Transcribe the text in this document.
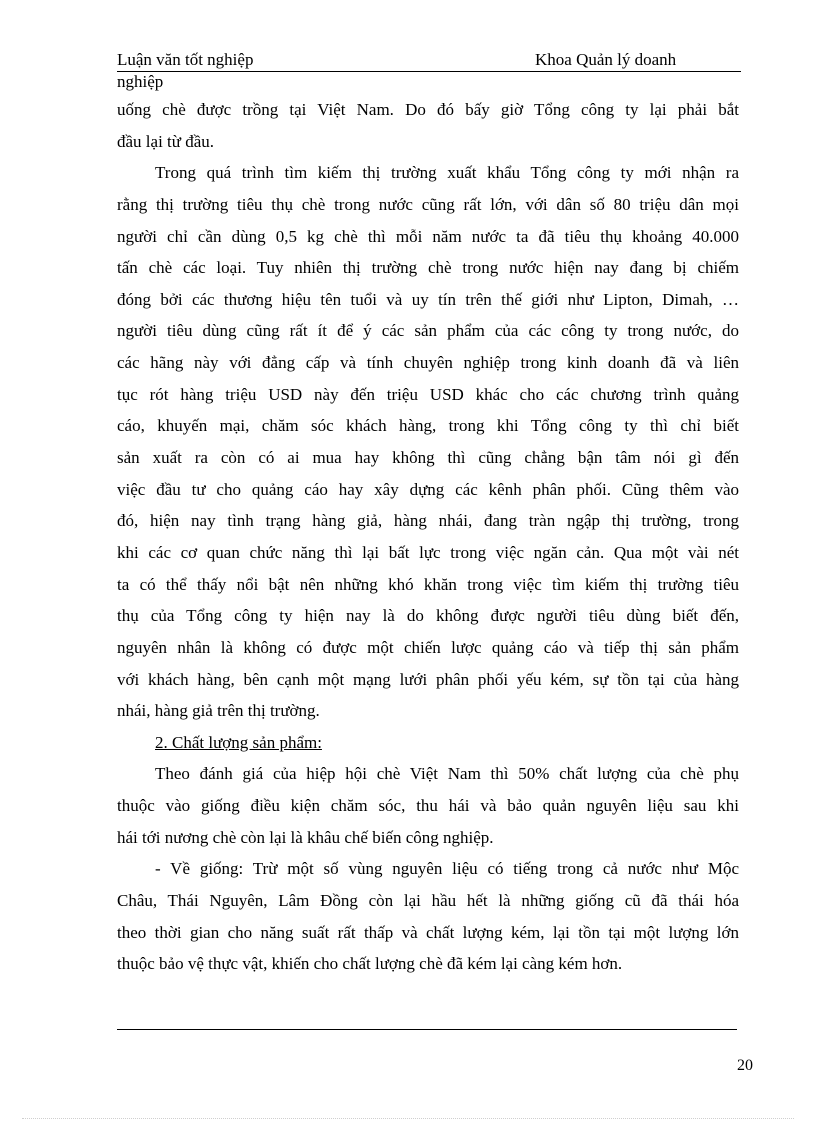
Luận văn tốt nghiệp	Khoa Quản lý doanh
nghiệp
uống chè được trồng tại Việt Nam. Do đó bấy giờ Tổng công ty lại phải bắt
đầu lại từ đầu.
Trong quá trình tìm kiếm thị trường xuất khẩu Tổng công ty mới nhận ra
rằng thị trường tiêu thụ chè trong nước cũng rất lớn, với dân số 80 triệu dân mọi
người chỉ cần dùng 0,5 kg chè thì mỗi năm nước ta đã tiêu thụ khoảng 40.000
tấn chè các loại. Tuy nhiên thị trường chè trong nước hiện nay đang bị chiếm
đóng bởi các thương hiệu tên tuổi và uy tín trên thế giới như Lipton, Dimah, …
người tiêu dùng cũng rất ít để ý các sản phẩm của các công ty trong nước, do
các hãng này với đẳng cấp và tính chuyên nghiệp trong kinh doanh đã và liên
tục rót hàng triệu USD này đến triệu USD khác cho các chương trình quảng
cáo, khuyến mại, chăm sóc khách hàng, trong khi Tổng công ty thì chỉ biết
sản xuất ra còn có ai mua hay không thì cũng chẳng bận tâm nói gì đến
việc đầu tư cho quảng cáo hay xây dựng các kênh phân phối. Cũng thêm vào
đó, hiện nay tình trạng hàng giả, hàng nhái, đang tràn ngập thị trường, trong
khi các cơ quan chức năng thì lại bất lực trong việc ngăn cản. Qua một vài nét
ta có thể thấy nổi bật nên những khó khăn trong việc tìm kiếm thị trường tiêu
thụ của Tổng công ty hiện nay là do không được người tiêu dùng biết đến,
nguyên nhân là không có được một chiến lược quảng cáo và tiếp thị sản phẩm
với khách hàng, bên cạnh một mạng lưới phân phối yếu kém, sự tồn tại của hàng
nhái, hàng giả trên thị trường.
2. Chất lượng sản phẩm:
Theo đánh giá của hiệp hội chè Việt Nam thì 50% chất lượng của chè phụ
thuộc vào giống điều kiện chăm sóc, thu hái và bảo quản nguyên liệu sau khi
hái tới nương chè còn lại là khâu chế biến công nghiệp.
- Về giống: Trừ một số vùng nguyên liệu có tiếng trong cả nước như Mộc
Châu, Thái Nguyên, Lâm Đồng còn lại hầu hết là những giống cũ đã thái hóa
theo thời gian cho năng suất rất thấp và chất lượng kém, lại tồn tại một lượng lớn
thuộc bảo vệ thực vật, khiến cho chất lượng chè đã kém lại càng kém hơn.
20
